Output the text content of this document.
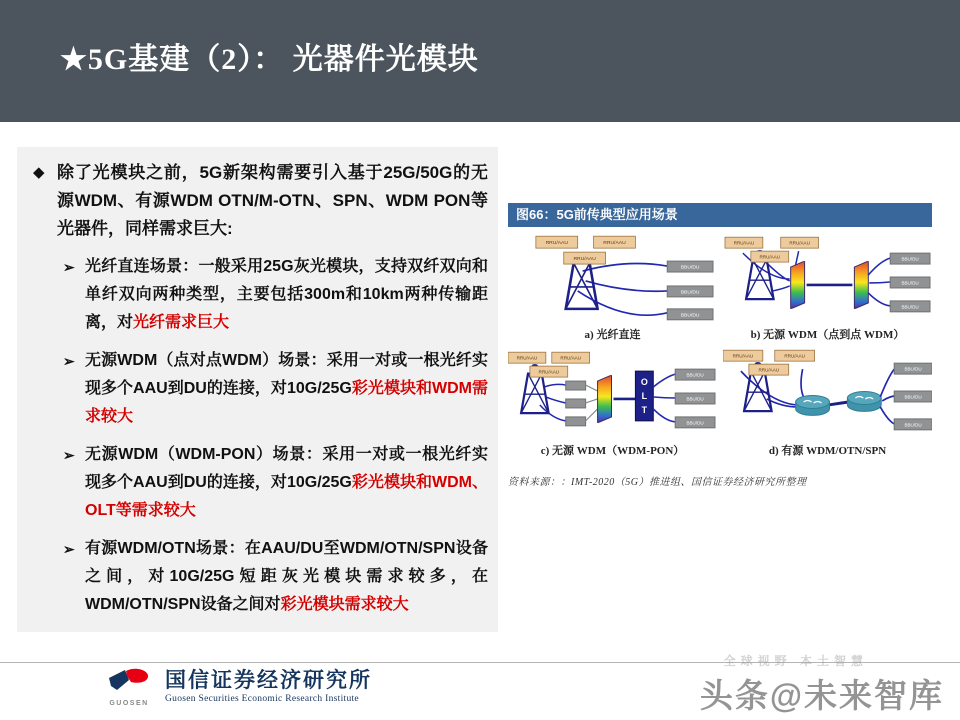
★5G基建（2）： 光器件光模块
◆ 除了光模块之前，5G新架构需要引入基于25G/50G的无源WDM、有源WDM OTN/M-OTN、SPN、WDM PON等光器件，同样需求巨大:

➢ 光纤直连场景：一般采用25G灰光模块，支持双纤双向和单纤双向两种类型，主要包括300m和10km两种传输距离，对光纤需求巨大

➢ 无源WDM（点对点WDM）场景：采用一对或一根光纤实现多个AAU到DU的连接，对10G/25G彩光模块和WDM需求较大

➢ 无源WDM（WDM-PON）场景：采用一对或一根光纤实现多个AAU到DU的连接，对10G/25G彩光模块和WDM、OLT等需求较大

➢ 有源WDM/OTN场景：在AAU/DU至WDM/OTN/SPN设备之间，对10G/25G短距灰光模块需求较多，在WDM/OTN/SPN设备之间对彩光模块需求较大

图66：5G前传典型应用场景
RRU/AAU	RRU/AAU
RRU/AAU
BBU/DU
BBU/DU
BBU/DU
a) 光纤直连
RRU/AAU	RRU/AAU
RRU/AAU	BBU/DU
BBU/DU
BBU/DU
b) 无源 WDM（点到点 WDM）
RRU/AAU	RRU/AAU
RRU/AAU
O
L
T
BBU/DU
BBU/DU
BBU/DU
c) 无源 WDM（WDM-PON）
RRU/AAU	RRU/AAU
RRU/AAU	BBU/DU
BBU/DU
BBU/DU
d) 有源 WDM/OTN/SPN
资料来源：：IMT-2020（5G）推进组、国信证券经济研究所整理
GUOSEN
国信证券经济研究所
Guosen Securities Economic Research Institute
全球视野 本土智慧
头条@未来智库
